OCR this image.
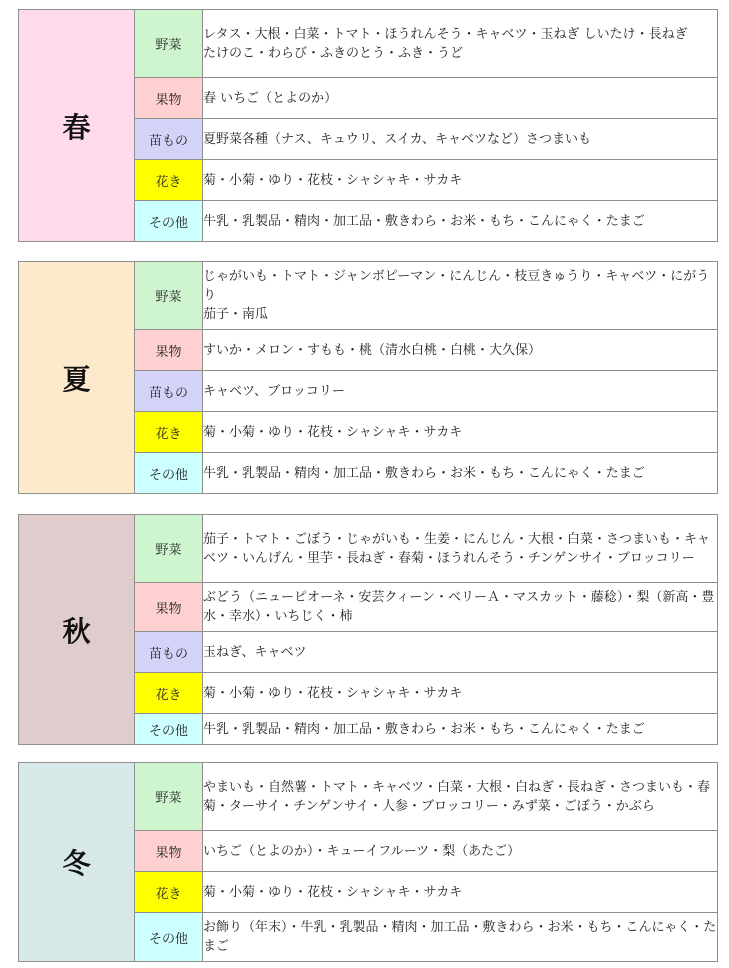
春	野菜	レタス・大根・白菜・トマト・ほうれんそう・キャベツ・玉ねぎ しいたけ・長ねぎ
たけのこ・わらび・ふきのとう・ふき・うど

	果物	春 いちご（とよのか）

	苗もの	夏野菜各種（ナス、キュウリ、スイカ、キャベツなど）さつまいも

	花き	菊・小菊・ゆり・花枝・シャシャキ・サカキ

	その他	牛乳・乳製品・精肉・加工品・敷きわら・お米・もち・こんにゃく・たまご
夏	野菜	じゃがいも・トマト・ジャンボピーマン・にんじん・枝豆きゅうり・キャベツ・にがうり
茄子・南瓜

	果物	すいか・メロン・すもも・桃（清水白桃・白桃・大久保）

	苗もの	キャベツ、ブロッコリー

	花き	菊・小菊・ゆり・花枝・シャシャキ・サカキ

	その他	牛乳・乳製品・精肉・加工品・敷きわら・お米・もち・こんにゃく・たまご
秋	野菜	茄子・トマト・ごぼう・じゃがいも・生姜・にんじん・大根・白菜・さつまいも・キャベツ・いんげん・里芋・長ねぎ・春菊・ほうれんそう・チンゲンサイ・ブロッコリー

	果物	ぶどう（ニューピオーネ・安芸クィーン・ベリーＡ・マスカット・藤稔）・梨（新高・豊水・幸水）・いちじく・柿

	苗もの	玉ねぎ、キャベツ

	花き	菊・小菊・ゆり・花枝・シャシャキ・サカキ

	その他	牛乳・乳製品・精肉・加工品・敷きわら・お米・もち・こんにゃく・たまご
冬	野菜	やまいも・自然薯・トマト・キャベツ・白菜・大根・白ねぎ・長ねぎ・さつまいも・春菊・ターサイ・チンゲンサイ・人参・ブロッコリー・みず菜・ごぼう・かぶら

	果物	いちご（とよのか）・キューイフルーツ・梨（あたご）

	花き	菊・小菊・ゆり・花枝・シャシャキ・サカキ

	その他	お飾り（年末）・牛乳・乳製品・精肉・加工品・敷きわら・お米・もち・こんにゃく・たまご
